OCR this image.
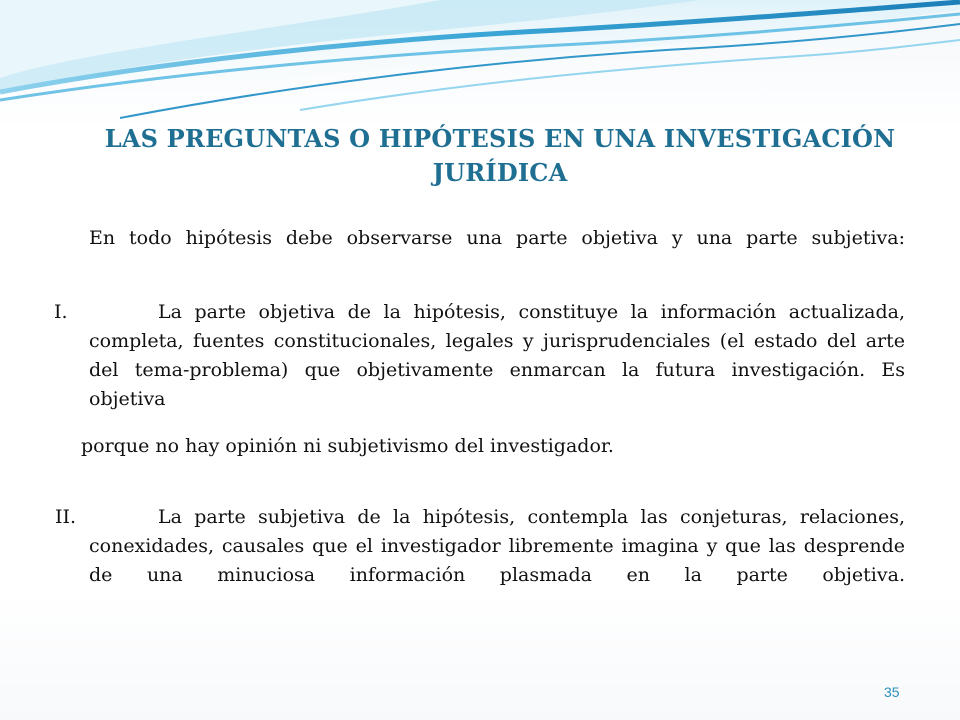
LAS PREGUNTAS O HIPÓTESIS EN UNA INVESTIGACIÓN JURÍDICA

En todo hipótesis debe observarse una parte objetiva y una parte subjetiva:

I.	La parte objetiva de la hipótesis, constituye la información actualizada, completa, fuentes constitucionales, legales y jurisprudenciales (el estado del arte del tema-problema) que objetivamente enmarcan la futura investigación. Es objetiva

porque no hay opinión ni subjetivismo del investigador.

II.	La parte subjetiva de la hipótesis, contempla las conjeturas, relaciones, conexidades, causales que el investigador libremente imagina y que las desprende de una minuciosa información plasmada en la parte objetiva.

35
